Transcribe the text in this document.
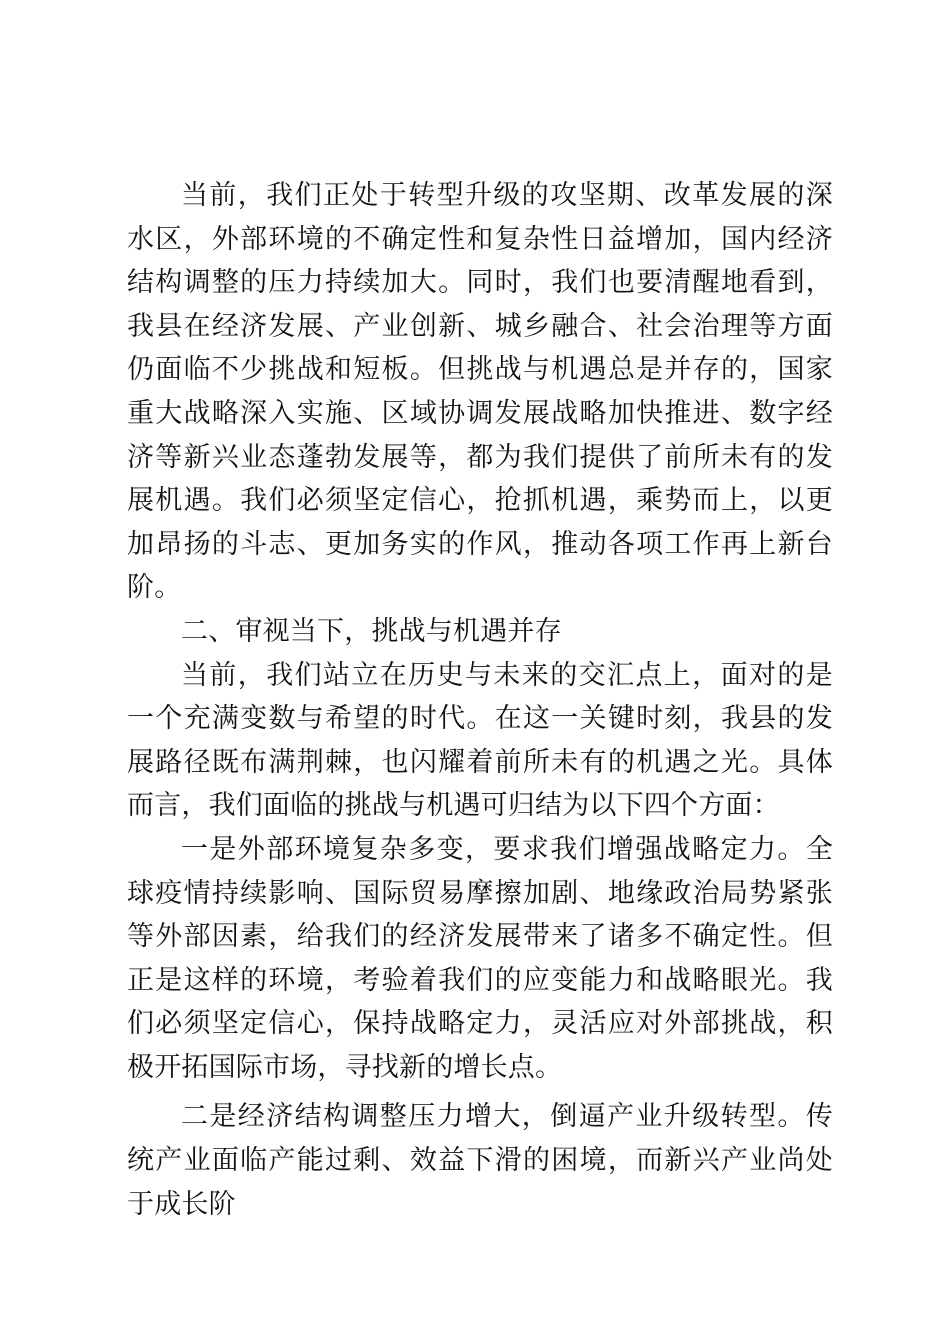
当前，我们正处于转型升级的攻坚期、改革发展的深水区，外部环境的不确定性和复杂性日益增加，国内经济结构调整的压力持续加大。同时，我们也要清醒地看到，我县在经济发展、产业创新、城乡融合、社会治理等方面仍面临不少挑战和短板。但挑战与机遇总是并存的，国家重大战略深入实施、区域协调发展战略加快推进、数字经济等新兴业态蓬勃发展等，都为我们提供了前所未有的发展机遇。我们必须坚定信心，抢抓机遇，乘势而上，以更加昂扬的斗志、更加务实的作风，推动各项工作再上新台阶。

二、审视当下，挑战与机遇并存

当前，我们站立在历史与未来的交汇点上，面对的是一个充满变数与希望的时代。在这一关键时刻，我县的发展路径既布满荆棘，也闪耀着前所未有的机遇之光。具体而言，我们面临的挑战与机遇可归结为以下四个方面：

一是外部环境复杂多变，要求我们增强战略定力。全球疫情持续影响、国际贸易摩擦加剧、地缘政治局势紧张等外部因素，给我们的经济发展带来了诸多不确定性。但正是这样的环境，考验着我们的应变能力和战略眼光。我们必须坚定信心，保持战略定力，灵活应对外部挑战，积极开拓国际市场，寻找新的增长点。

二是经济结构调整压力增大，倒逼产业升级转型。传统产业面临产能过剩、效益下滑的困境，而新兴产业尚处于成长阶
